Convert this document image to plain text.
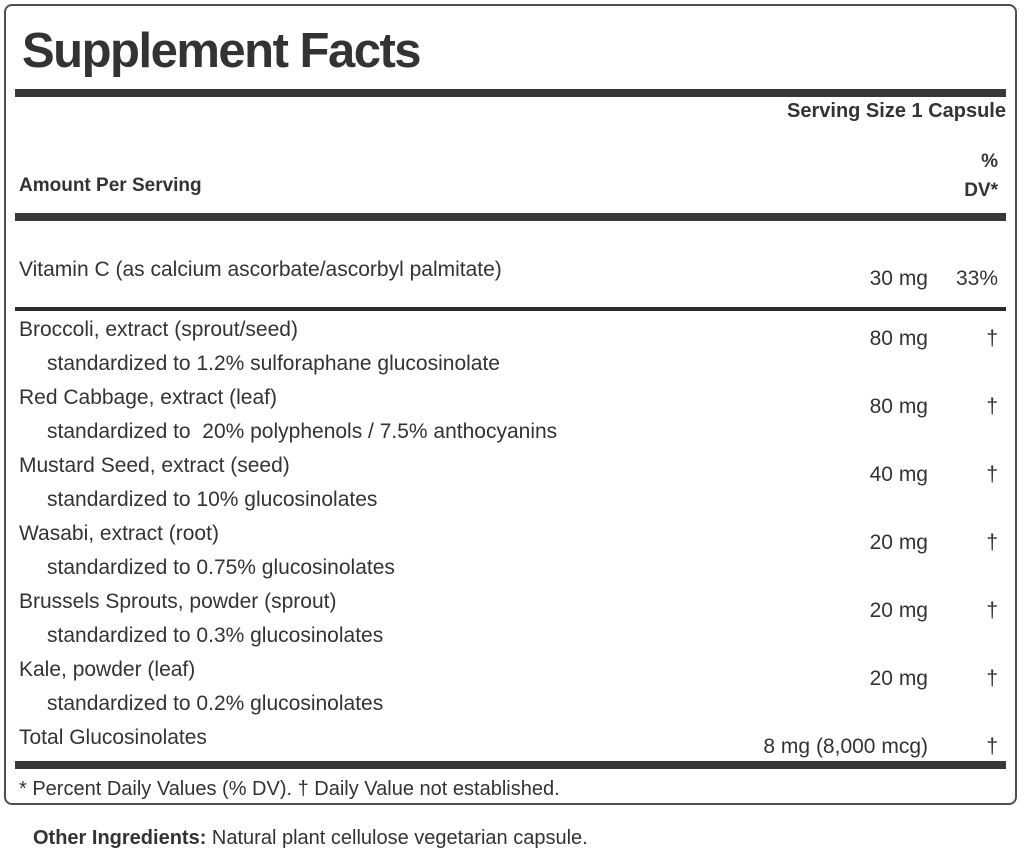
Supplement Facts
Serving Size 1 Capsule
Amount Per Serving
%
DV*
Vitamin C (as calcium ascorbate/ascorbyl palmitate)	30 mg	33%
Broccoli, extract (sprout/seed)	80 mg	†
standardized to 1.2% sulforaphane glucosinolate
Red Cabbage, extract (leaf)	80 mg	†
standardized to  20% polyphenols / 7.5% anthocyanins
Mustard Seed, extract (seed)	40 mg	†
standardized to 10% glucosinolates
Wasabi, extract (root)	20 mg	†
standardized to 0.75% glucosinolates
Brussels Sprouts, powder (sprout)	20 mg	†
standardized to 0.3% glucosinolates
Kale, powder (leaf)	20 mg	†
standardized to 0.2% glucosinolates
Total Glucosinolates	8 mg (8,000 mcg)	†
* Percent Daily Values (% DV). † Daily Value not established.

Other Ingredients: Natural plant cellulose vegetarian capsule.
